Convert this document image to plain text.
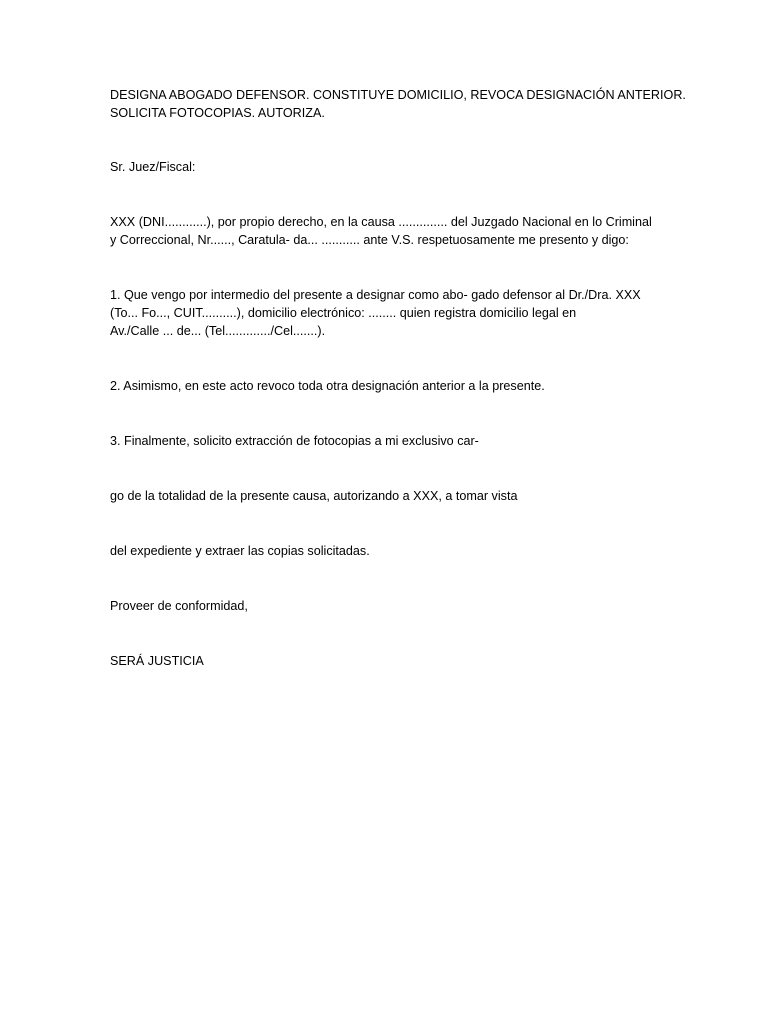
DESIGNA ABOGADO DEFENSOR. CONSTITUYE DOMICILIO, REVOCA DESIGNACIÓN ANTERIOR.
SOLICITA FOTOCOPIAS. AUTORIZA.

Sr. Juez/Fiscal:

XXX (DNI............), por propio derecho, en la causa .............. del Juzgado Nacional en lo Criminal
y Correccional, Nr......, Caratula- da... ........... ante V.S. respetuosamente me presento y digo:

1. Que vengo por intermedio del presente a designar como abo- gado defensor al Dr./Dra. XXX
(To... Fo..., CUIT..........), domicilio electrónico: ........ quien registra domicilio legal en
Av./Calle ... de... (Tel............./Cel.......).

2. Asimismo, en este acto revoco toda otra designación anterior a la presente.

3. Finalmente, solicito extracción de fotocopias a mi exclusivo car-

go de la totalidad de la presente causa, autorizando a XXX, a tomar vista

del expediente y extraer las copias solicitadas.

Proveer de conformidad,

SERÁ JUSTICIA
